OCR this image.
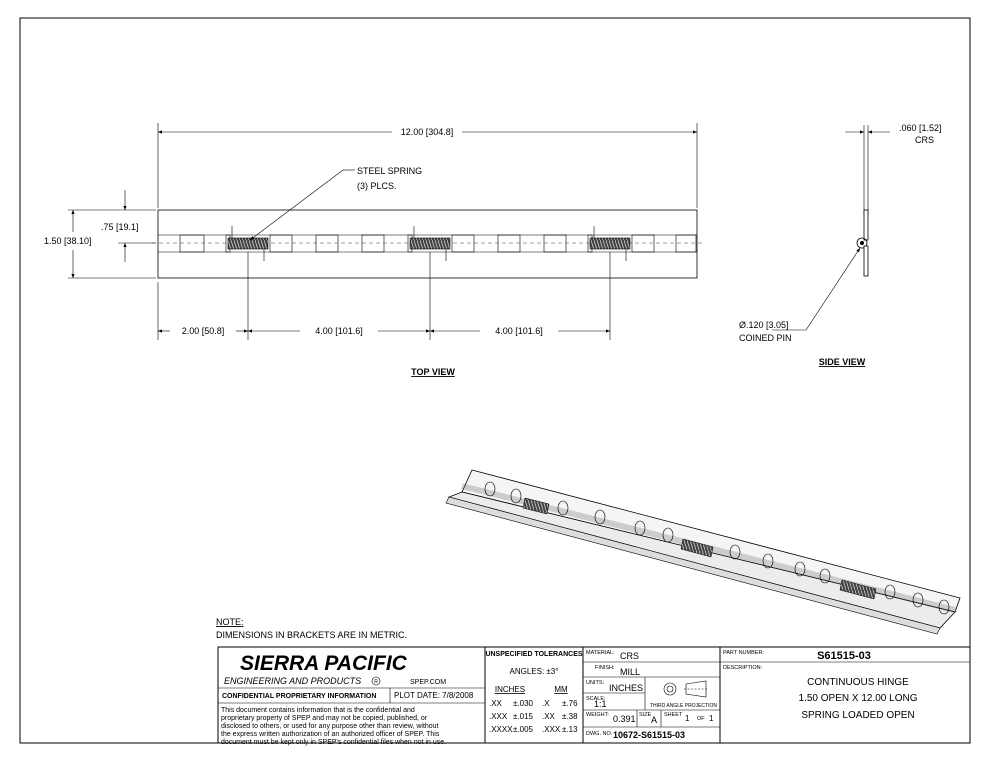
12.00 [304.8]
STEEL SPRING
(3) PLCS.
1.50 [38.10]
.75 [19.1]
2.00 [50.8]	4.00 [101.6]	4.00 [101.6]
TOP VIEW
.060 [1.52]
CRS
Ø.120 [3.05]
COINED PIN
SIDE VIEW
NOTE:
DIMENSIONS IN BRACKETS ARE IN METRIC.
SIERRA PACIFIC
ENGINEERING AND PRODUCTS	R	SPEP.COM
CONFIDENTIAL PROPRIETARY INFORMATION PLOT DATE: 7/8/2008
This document contains information that is the confidential and
proprietary property of SPEP and may not be copied, published, or
disclosed to others, or used for any purpose other than review, without
the express written authorization of an authorized officer of SPEP. This
document must be kept only in SPEP's confidential files when not in use.
UNSPECIFIED TOLERANCES
ANGLES: ±3°
INCHES	MM
.XX ±.030 .X ±.76
.XXX ±.015 .XX ±.38
.XXXX ±.005 .XXX ±.13
MATERIAL: CRS
FINISH: MILL
UNITS: INCHES
SCALE:
1:1	THIRD ANGLE PROJECTION
WEIGHT: 0.391 SIZE A SHEET 1 OF 1
DWG. NO. 10672-S61515-03
PART NUMBER:	S61515-03
DESCRIPTION:
CONTINUOUS HINGE
1.50 OPEN X 12.00 LONG
SPRING LOADED OPEN
